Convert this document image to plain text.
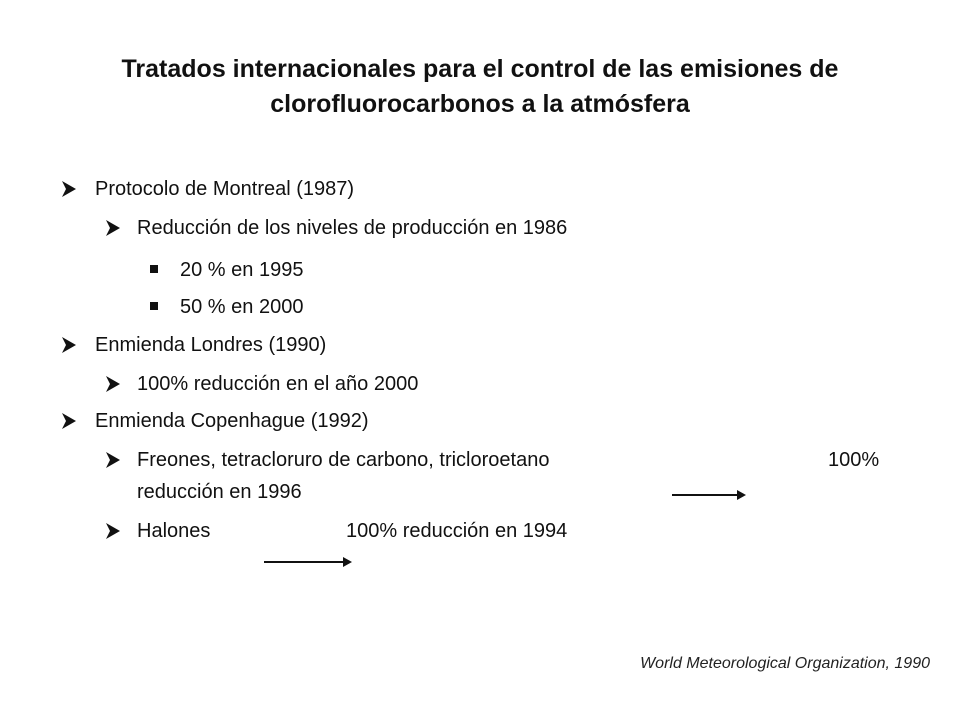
Tratados internacionales para el control de las emisiones de
clorofluorocarbonos a la atmósfera
Protocolo de Montreal (1987)
Reducción de los niveles de producción en 1986
20 % en 1995
50 % en 2000
Enmienda Londres (1990)
100% reducción en el año 2000
Enmienda Copenhague (1992)
Freones, tetracloruro de carbono, tricloroetano	100%
reducción en 1996
Halones	100% reducción en 1994
World Meteorological Organization, 1990
